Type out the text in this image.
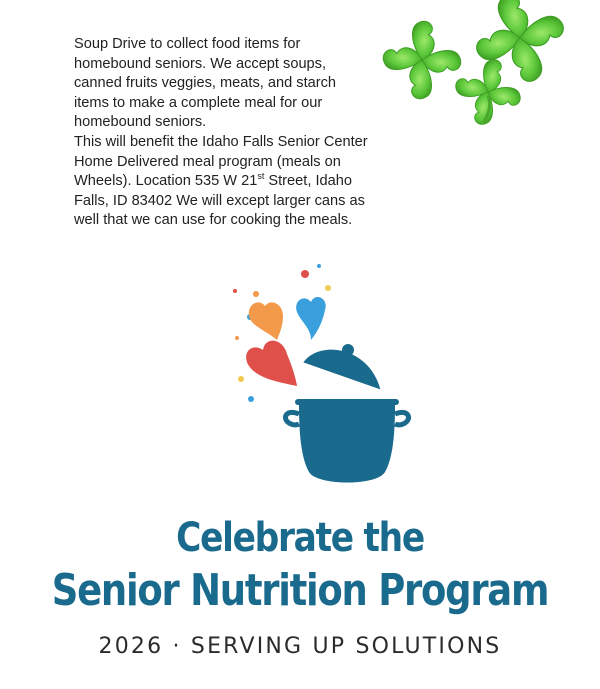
Soup Drive to collect food items for homebound seniors. We accept soups, canned fruits veggies, meats, and starch items to make a complete meal for our homebound seniors.

This will benefit the Idaho Falls Senior Center Home Delivered meal program (meals on Wheels). Location 535 W 21st Street, Idaho Falls, ID 83402 We will except larger cans as well that we can use for cooking the meals.

Celebrate the
Senior Nutrition Program
2026 · SERVING UP SOLUTIONS
